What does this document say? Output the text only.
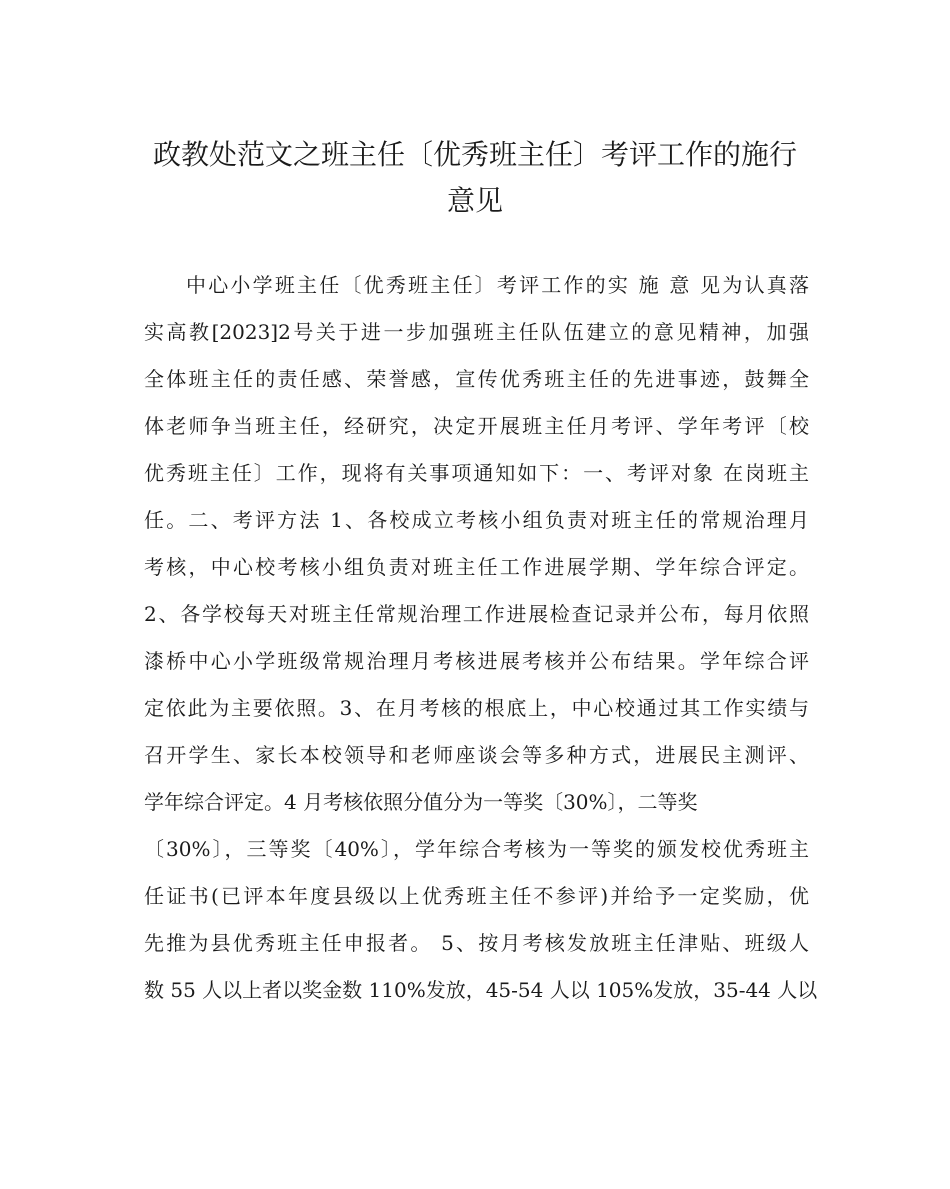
政教处范文之班主任〔优秀班主任〕考评工作的施行
意见
中心小学班主任〔优秀班主任〕考评工作的实 施 意 见为认真落
实高教[2023]2号关于进一步加强班主任队伍建立的意见精神，加强
全体班主任的责任感、荣誉感，宣传优秀班主任的先进事迹，鼓舞全
体老师争当班主任，经研究，决定开展班主任月考评、学年考评〔校
优秀班主任〕工作，现将有关事项通知如下：一、考评对象 在岗班主
任。二、考评方法 1、各校成立考核小组负责对班主任的常规治理月
考核，中心校考核小组负责对班主任工作进展学期、学年综合评定。
2、各学校每天对班主任常规治理工作进展检查记录并公布，每月依照
漆桥中心小学班级常规治理月考核进展考核并公布结果。学年综合评
定依此为主要依照。3、在月考核的根底上，中心校通过其工作实绩与
召开学生、家长本校领导和老师座谈会等多种方式，进展民主测评、
学年综合评定。4 月考核依照分值分为一等奖〔30%〕，二等奖
〔30%〕，三等奖〔40%〕，学年综合考核为一等奖的颁发校优秀班主
任证书(已评本年度县级以上优秀班主任不参评)并给予一定奖励，优
先推为县优秀班主任申报者。 5、按月考核发放班主任津贴、班级人
数 55 人以上者以奖金数 110%发放，45-54 人以 105%发放，35-44 人以
